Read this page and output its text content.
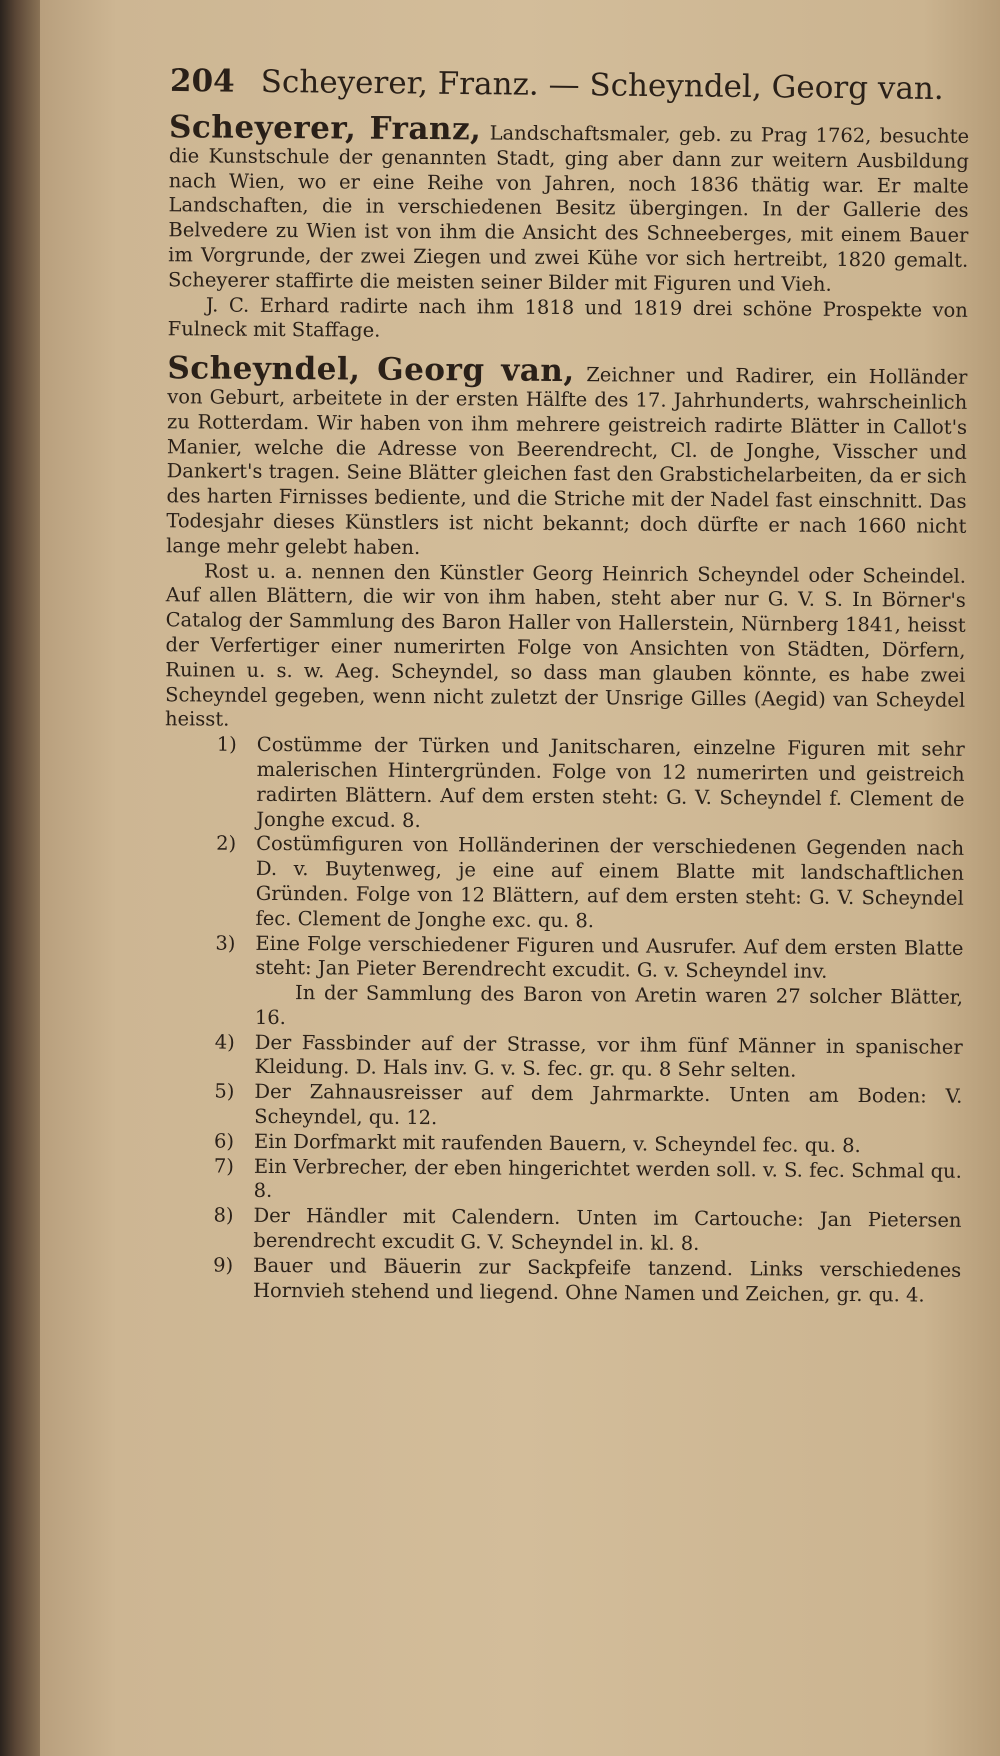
204 Scheyerer, Franz. — Scheyndel, Georg van.

Scheyerer, Franz, Landschaftsmaler, geb. zu Prag 1762, besuchte die Kunstschule der genannten Stadt, ging aber dann zur weitern Ausbildung nach Wien, wo er eine Reihe von Jahren, noch 1836 thätig war. Er malte Landschaften, die in verschiedenen Besitz übergingen. In der Gallerie des Belvedere zu Wien ist von ihm die Ansicht des Schneeberges, mit einem Bauer im Vorgrunde, der zwei Ziegen und zwei Kühe vor sich hertreibt, 1820 gemalt. Scheyerer staffirte die meisten seiner Bilder mit Figuren und Vieh.

J. C. Erhard radirte nach ihm 1818 und 1819 drei schöne Prospekte von Fulneck mit Staffage.

Scheyndel, Georg van, Zeichner und Radirer, ein Holländer von Geburt, arbeitete in der ersten Hälfte des 17. Jahrhunderts, wahrscheinlich zu Rotterdam. Wir haben von ihm mehrere geistreich radirte Blätter in Callot's Manier, welche die Adresse von Beerendrecht, Cl. de Jonghe, Visscher und Dankert's tragen. Seine Blätter gleichen fast den Grabstichelarbeiten, da er sich des harten Firnisses bediente, und die Striche mit der Nadel fast einschnitt. Das Todesjahr dieses Künstlers ist nicht bekannt; doch dürfte er nach 1660 nicht lange mehr gelebt haben.

Rost u. a. nennen den Künstler Georg Heinrich Scheyndel oder Scheindel. Auf allen Blättern, die wir von ihm haben, steht aber nur G. V. S. In Börner's Catalog der Sammlung des Baron Haller von Hallerstein, Nürnberg 1841, heisst der Verfertiger einer numerirten Folge von Ansichten von Städten, Dörfern, Ruinen u. s. w. Aeg. Scheyndel, so dass man glauben könnte, es habe zwei Scheyndel gegeben, wenn nicht zuletzt der Unsrige Gilles (Aegid) van Scheydel heisst.

1)	Costümme der Türken und Janitscharen, einzelne Figuren mit sehr malerischen Hintergründen. Folge von 12 numerirten und geistreich radirten Blättern. Auf dem ersten steht: G. V. Scheyndel f. Clement de Jonghe excud. 8.
2)	Costümfiguren von Holländerinen der verschiedenen Gegenden nach D. v. Buytenweg, je eine auf einem Blatte mit landschaftlichen Gründen. Folge von 12 Blättern, auf dem ersten steht: G. V. Scheyndel fec. Clement de Jonghe exc. qu. 8.
3)	Eine Folge verschiedener Figuren und Ausrufer. Auf dem ersten Blatte steht: Jan Pieter Berendrecht excudit. G. v. Scheyndel inv.
In der Sammlung des Baron von Aretin waren 27 solcher Blätter, 16.
4)	Der Fassbinder auf der Strasse, vor ihm fünf Männer in spanischer Kleidung. D. Hals inv. G. v. S. fec. gr. qu. 8 Sehr selten.
5)	Der Zahnausreisser auf dem Jahrmarkte. Unten am Boden: V. Scheyndel, qu. 12.
6)	Ein Dorfmarkt mit raufenden Bauern, v. Scheyndel fec. qu. 8.
7)	Ein Verbrecher, der eben hingerichtet werden soll. v. S. fec. Schmal qu. 8.
8)	Der Händler mit Calendern. Unten im Cartouche: Jan Pietersen berendrecht excudit G. V. Scheyndel in. kl. 8.
9)	Bauer und Bäuerin zur Sackpfeife tanzend. Links verschiedenes Hornvieh stehend und liegend. Ohne Namen und Zeichen, gr. qu. 4.
